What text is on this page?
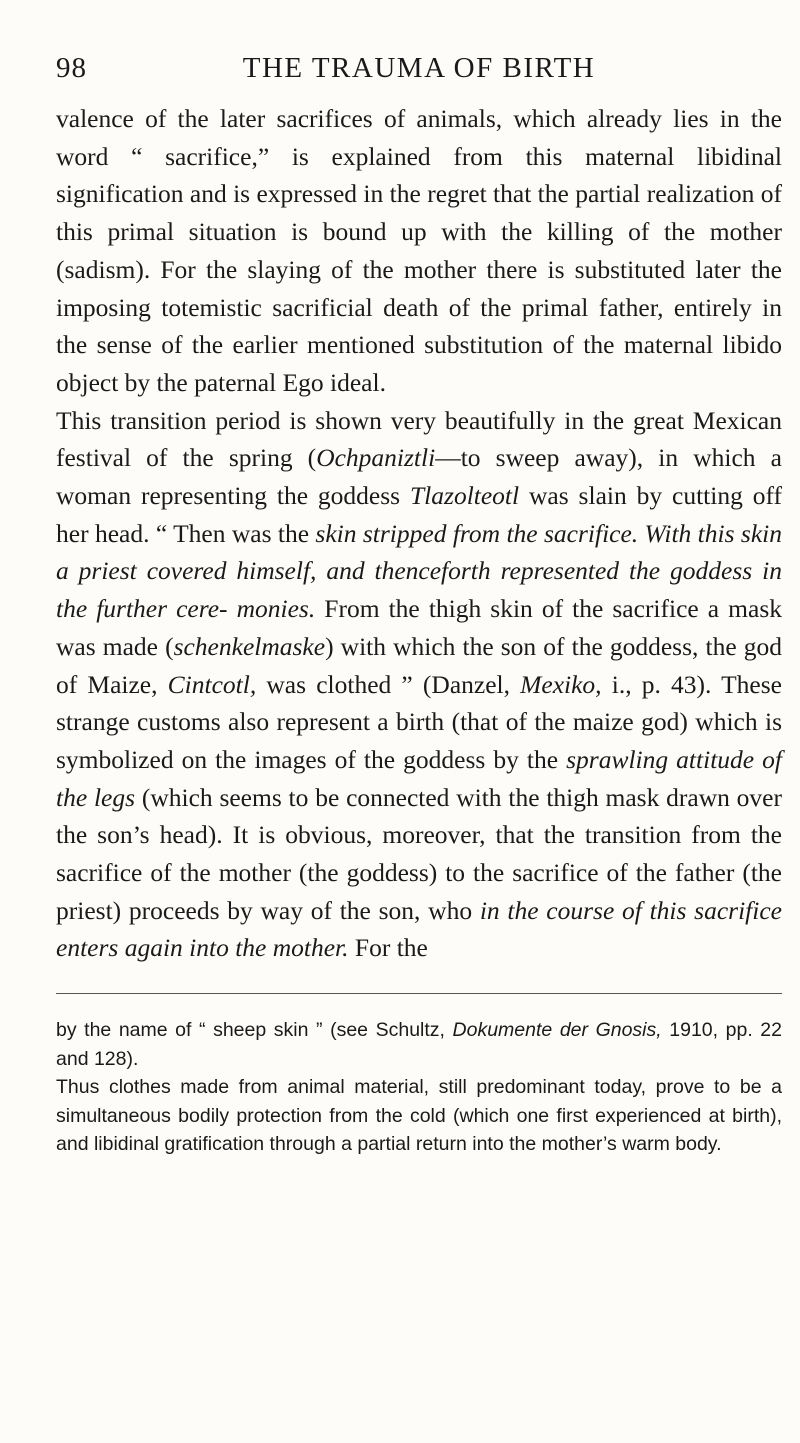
98	THE TRAUMA OF BIRTH

valence of the later sacrifices of animals, which already lies in the word “ sacrifice,” is explained from this maternal libidinal signification and is expressed in the regret that the partial realization of this primal situation is bound up with the killing of the mother (sadism). For the slaying of the mother there is substituted later the imposing totemistic sacrificial death of the primal father, entirely in the sense of the earlier mentioned substitution of the maternal libido object by the paternal Ego ideal.

This transition period is shown very beautifully in the great Mexican festival of the spring (Ochpaniztli—to sweep away), in which a woman representing the goddess Tlazolteotl was slain by cutting off her head. “ Then was the skin stripped from the sacrifice. With this skin a priest covered himself, and thenceforth represented the goddess in the further cere- monies. From the thigh skin of the sacrifice a mask was made (schenkelmaske) with which the son of the goddess, the god of Maize, Cintcotl, was clothed ” (Danzel, Mexiko, i., p. 43). These strange customs also represent a birth (that of the maize god) which is symbolized on the images of the goddess by the sprawling attitude of the legs (which seems to be connected with the thigh mask drawn over the son’s head). It is obvious, moreover, that the transition from the sacrifice of the mother (the goddess) to the sacrifice of the father (the priest) proceeds by way of the son, who in the course of this sacrifice enters again into the mother. For the

by the name of “ sheep skin ” (see Schultz, Dokumente der Gnosis, 1910, pp. 22 and 128).

Thus clothes made from animal material, still predominant today, prove to be a simultaneous bodily protection from the cold (which one first experienced at birth), and libidinal gratification through a partial return into the mother’s warm body.
